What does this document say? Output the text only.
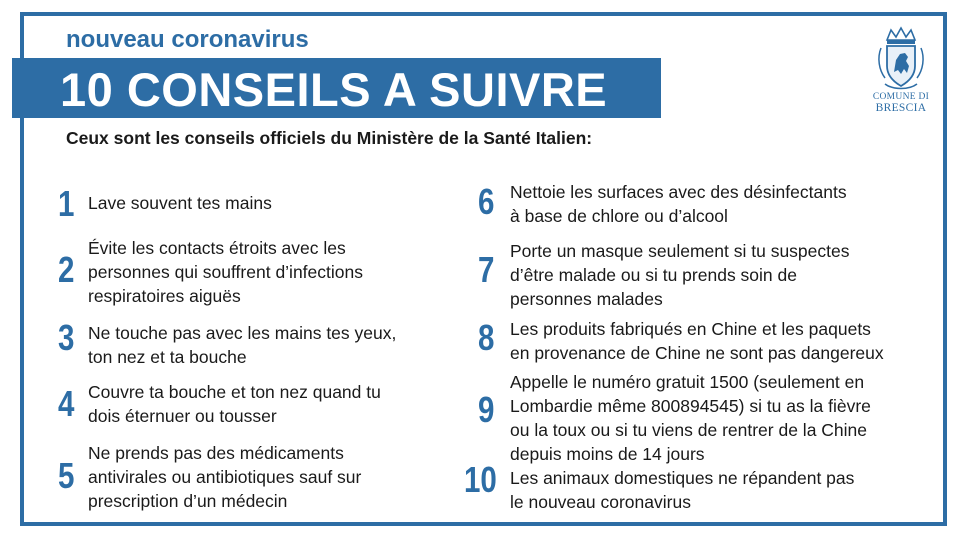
nouveau coronavirus
10 CONSEILS A SUIVRE
Ceux sont les conseils officiels du Ministère de la Santé Italien:
COMUNE DI
BRESCIA
1 Lave souvent tes mains
2
Évite les contacts étroits avec les
personnes qui souffrent d’infections
respiratoires aiguës
3 Ne touche pas avec les mains tes yeux,
ton nez et ta bouche
4 Couvre ta bouche et ton nez quand tu
dois éternuer ou tousser
5
Ne prends pas des médicaments
antivirales ou antibiotiques sauf sur
prescription d’un médecin
6 Nettoie les surfaces avec des désinfectants
à base de chlore ou d’alcool
7 Porte un masque seulement si tu suspectes
d’être malade ou si tu prends soin de
personnes malades
8 Les produits fabriqués en Chine et les paquets
en provenance de Chine ne sont pas dangereux
9
Appelle le numéro gratuit 1500 (seulement en
Lombardie même 800894545) si tu as la fièvre
ou la toux ou si tu viens de rentrer de la Chine
depuis moins de 14 jours
10 Les animaux domestiques ne répandent pas
le nouveau coronavirus
